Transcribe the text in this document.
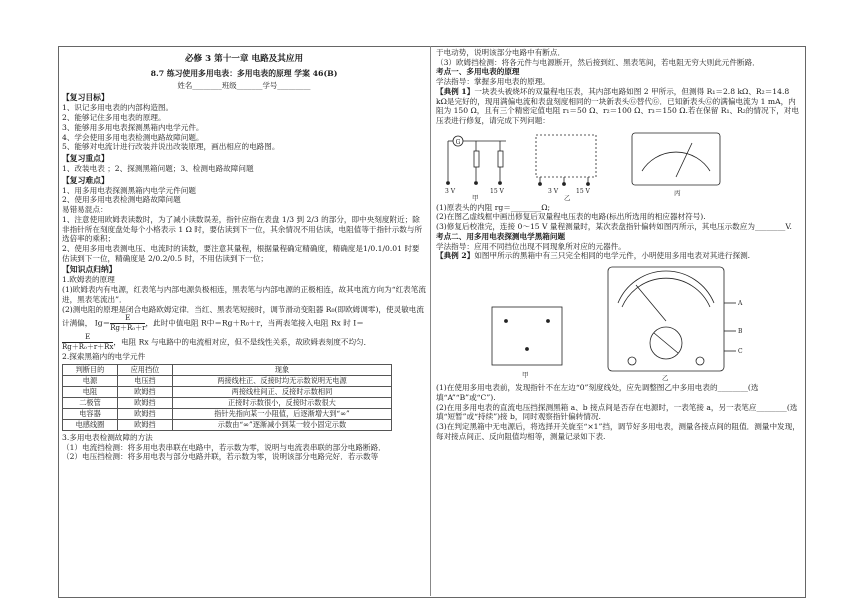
必修 3 第十一章 电路及其应用
8.7 练习使用多用电表：多用电表的原理 学案 46(B)
姓名________班级_______学号_________
【复习目标】

1、识记多用电表的内部构造图。

2、能够记住多用电表的原理。

3、能够用多用电表探测黑箱内电学元件。

4、学会使用多用电表检测电路故障问题。

5、能够对电流计进行改装并说出改装原理，画出相应的电路图。

【复习重点】

1、改装电表 ；2、探测黑箱问题；3、检测电路故障问题

【复习难点】

1、用多用电表探测黑箱内电学元件问题

2、使用多用电表检测电路故障问题

易错易混点：

1、注意使用欧姆表读数时，为了减小读数误差，指针应指在表盘 1/3 到 2/3 的部分，即中央刻度附近；除非指针所在刻度盘处每个小格表示 1 Ω 时，要估读到下一位，其余情况不用估读，电阻值等于指针示数与所选倍率的乘积；

2、使用多用电表测电压、电流时的读数，要注意其量程，根据量程确定精确度，精确度是1/0.1/0.01 时要估读到下一位，精确度是 2/0.2/0.5 时，不用估读到下一位；

【知识点归纳】

1.欧姆表的原理

(1)欧姆表内有电源，红表笔与内部电源负极相连，黑表笔与内部电源的正极相连，故其电流方向为“红表笔流进，黑表笔流出”．

(2)测电阻的原理是闭合电路欧姆定律．当红、黑表笔短接时，调节滑动变阻器 R₀(即欧姆调零)，使灵敏电流计满偏， $Ig= \frac{E}{\text{Rg＋R₀＋r}}$ ，此时中值电阻 R中＝Rg＋R₀＋r，当两表笔接入电阻 Rx 时 I＝

$\frac{E}{\text{Rg＋R₀＋r＋Rx}}$ ，电阻 Rx 与电路中的电流相对应，但不是线性关系，故欧姆表刻度不均匀．

2.探索黑箱内的电学元件

判断目的	应用挡位	现象
电源	电压挡	两接线柱正、反接时均无示数说明无电源
电阻	欧姆挡	两接线柱间正、反接时示数相同
二极管	欧姆挡	正接时示数很小，反接时示数很大
电容器	欧姆挡	指针先指向某一小阻值，后逐渐增大到“∞”
电感线圈	欧姆挡	示数由“∞”逐渐减小到某一较小固定示数

3.多用电表检测故障的方法

（1）电流挡检测：将多用电表串联在电路中，若示数为零，说明与电流表串联的部分电路断路．

（2）电压挡检测：将多用电表与部分电路并联，若示数为零，说明该部分电路完好．若示数等

于电动势，说明该部分电路中有断点．

（3）欧姆挡检测：将各元件与电源断开，然后接到红、黑表笔间，若电阻无穷大则此元件断路．

考点一、多用电表的原理

学法指导：掌握多用电表的原理。

【典例 1】一块表头被烧坏的双量程电压表，其内部电路如图 2 甲所示，但测得 R₁＝2.8 kΩ、R₂＝14.8 kΩ是完好的，现用满偏电流和表盘刻度相同的一块新表头Ⓖ替代Ⓖ．已知新表头Ⓖ的满偏电流为 1 mA，内阻为 150 Ω，且有三个精密定值电阻 r₁＝50 Ω、r₂＝100 Ω、r₃＝150 Ω.若在保留 R₁、R₂的情况下，对电压表进行修复，请完成下列问题：

G
3 V	15 V	3 V	15 V
甲	乙
丙

(1)原表头的内阻 rg＝________Ω;

(2)在图乙虚线框中画出修复后双量程电压表的电路(标出所选用的相应器材符号).

(3)修复后校准完，连接 0～15 V 量程测量时，某次表盘指针偏转如图丙所示，其电压示数应为________V.

考点二、用多用电表探测电学黑箱问题

学法指导：应用不同挡位出现不同现象所对应的元器件。

【典例 2】如图甲所示的黑箱中有三只完全相同的电学元件，小明使用多用电表对其进行探测.

甲	乙
A
B
C

(1)在使用多用电表前，发现指针不在左边“0”刻度线处，应先调整图乙中多用电表的________(选填“A”“B”或“C”).

(2)在用多用电表的直流电压挡探测黑箱 a、b 接点间是否存在电源时，一表笔接 a，另一表笔应________(选填“短暂”或“持续”)接 b，同时观察指针偏转情况.

(3)在判定黑箱中无电源后，将选择开关旋至“×1”挡，调节好多用电表，测量各接点间的阻值．测量中发现，每对接点间正、反向阻值均相等，测量记录如下表.
